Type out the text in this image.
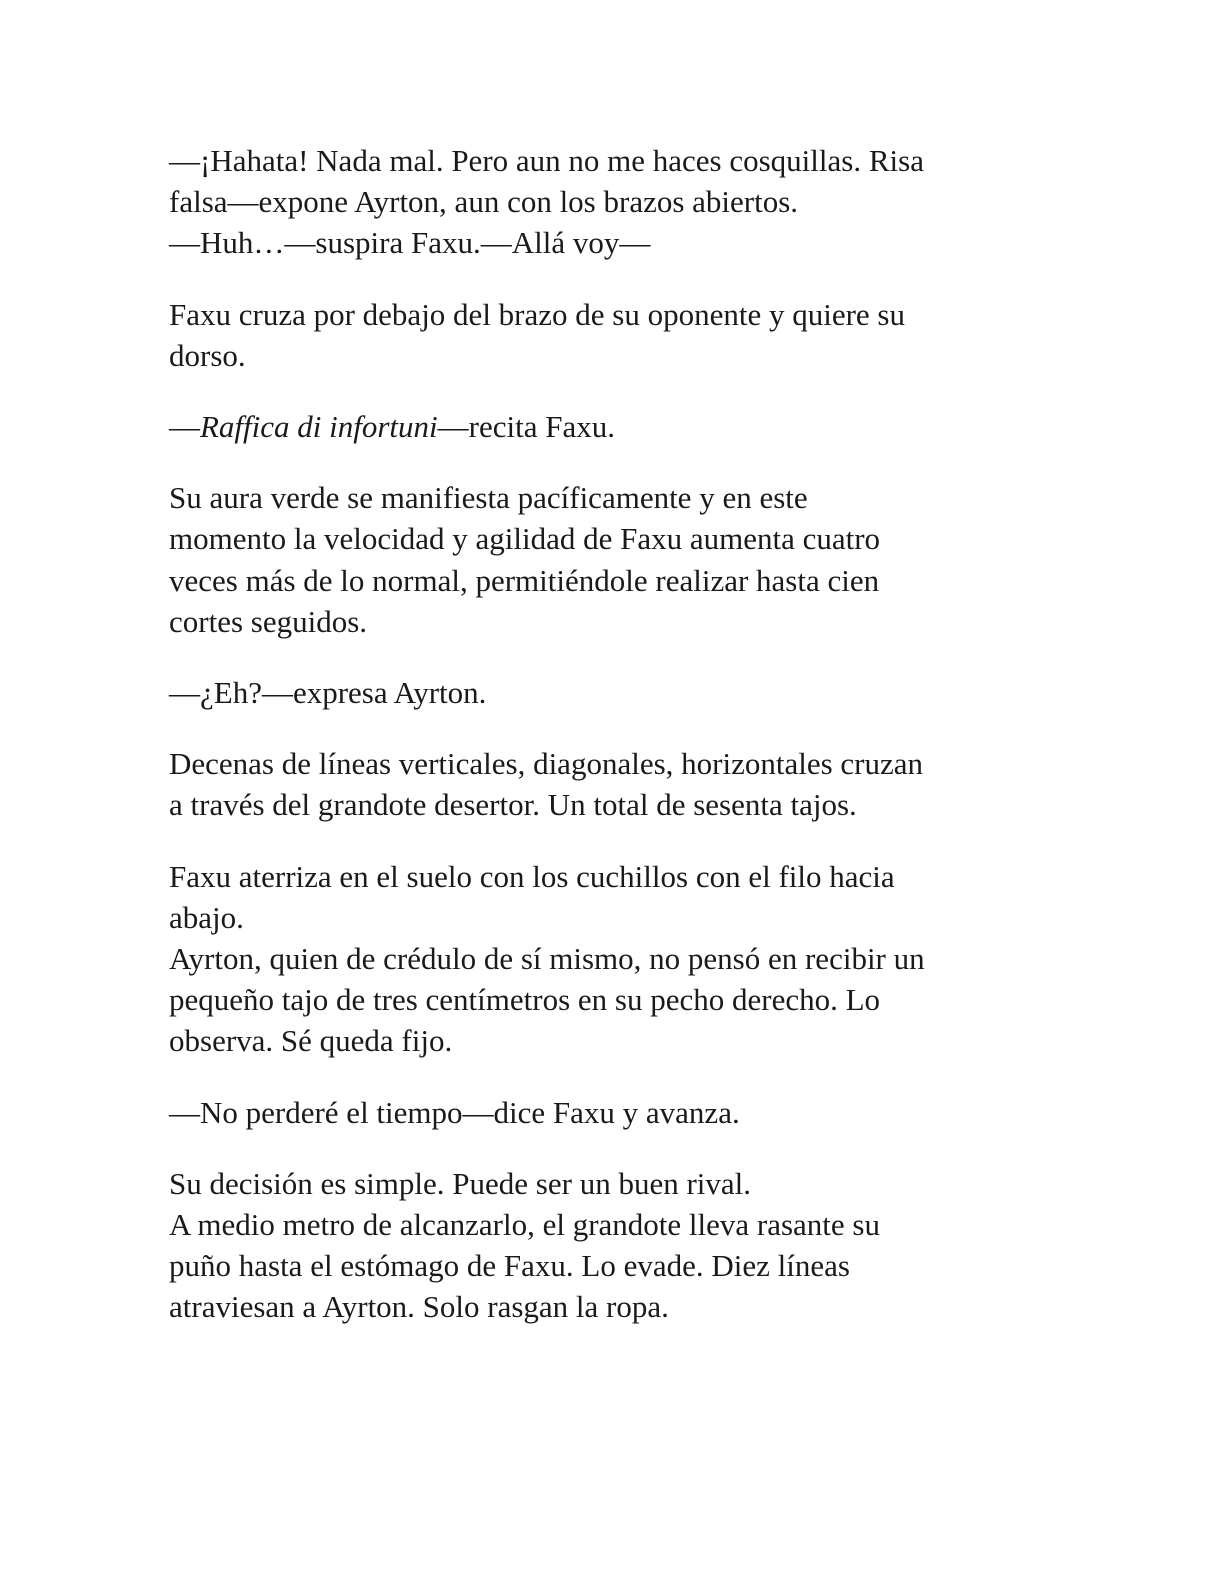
—¡Hahata! Nada mal. Pero aun no me haces cosquillas. Risa
falsa—expone Ayrton, aun con los brazos abiertos.
—Huh…—suspira Faxu.—Allá voy—
Faxu cruza por debajo del brazo de su oponente y quiere su
dorso.
—Raffica di infortuni—recita Faxu.
Su aura verde se manifiesta pacíficamente y en este
momento la velocidad y agilidad de Faxu aumenta cuatro
veces más de lo normal, permitiéndole realizar hasta cien
cortes seguidos.
—¿Eh?—expresa Ayrton.
Decenas de líneas verticales, diagonales, horizontales cruzan
a través del grandote desertor. Un total de sesenta tajos.
Faxu aterriza en el suelo con los cuchillos con el filo hacia
abajo.
Ayrton, quien de crédulo de sí mismo, no pensó en recibir un
pequeño tajo de tres centímetros en su pecho derecho. Lo
observa. Sé queda fijo.
—No perderé el tiempo—dice Faxu y avanza.
Su decisión es simple. Puede ser un buen rival.
A medio metro de alcanzarlo, el grandote lleva rasante su
puño hasta el estómago de Faxu. Lo evade. Diez líneas
atraviesan a Ayrton. Solo rasgan la ropa.
